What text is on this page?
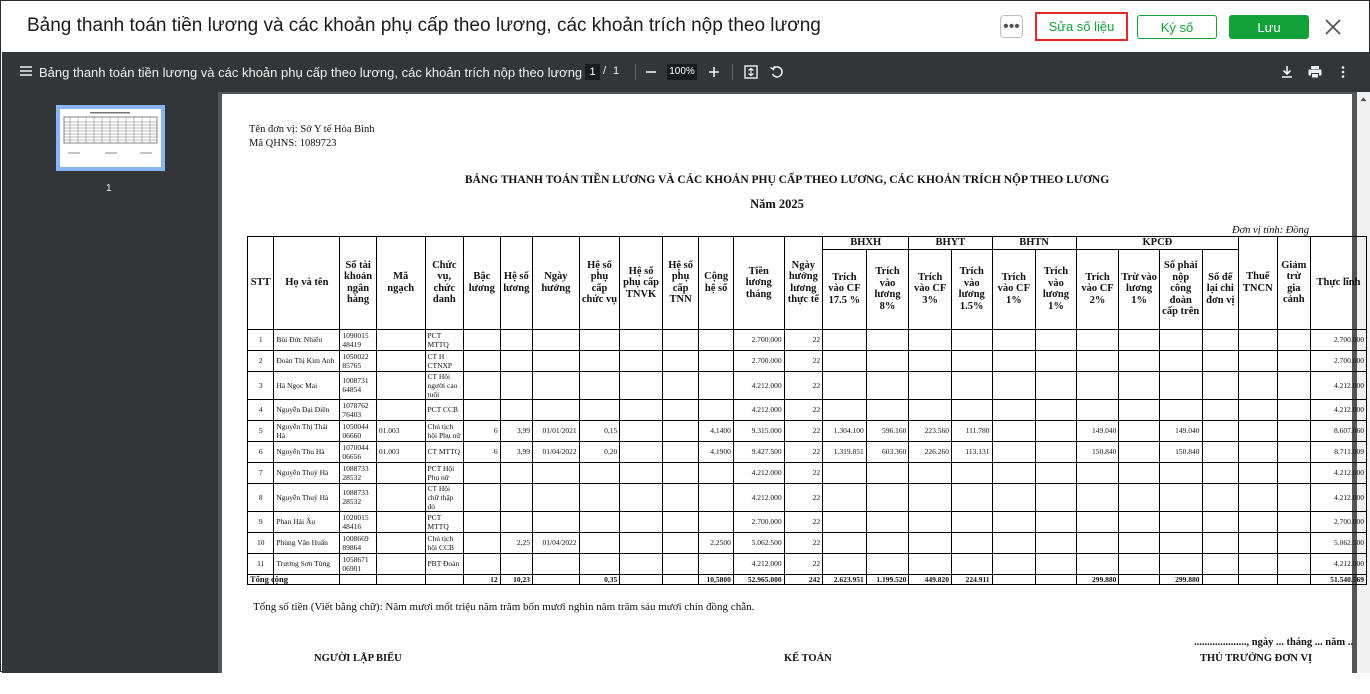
Bảng thanh toán tiền lương và các khoản phụ cấp theo lương, các khoản trích nộp theo lương	•••	Sửa số liệu	Ký số	Lưu
Bảng thanh toán tiền lương và các khoản phụ cấp theo lương, các khoản trích nộp theo lương 1 / 1	100%
1
Tên đơn vị: Sở Y tế Hòa Bình
Mã QHNS: 1089723
BẢNG THANH TOÁN TIỀN LƯƠNG VÀ CÁC KHOẢN PHỤ CẤP THEO LƯƠNG, CÁC KHOẢN TRÍCH NỘP THEO LƯƠNG
Năm 2025
Đơn vị tính: Đồng
STT	Họ và tên	Số tài khoản ngân hàng	Mã ngạch	Chức vụ, chức danh	Bậc lương	Hệ số lương	Ngày hưởng	Hệ số phụ cấp chức vụ	Hệ số phụ cấp TNVK	Hệ số phụ cấp TNN	Cộng hệ số	Tiền lương tháng	Ngày hưởng lương thực tế	BHXH		BHYT		BHTN		KPCĐ				Thuế TNCN	Giảm trừ gia cảnh	Thực lĩnh
														Trích vào CF 17.5 %	Trích vào lương 8%	Trích vào CF 3%	Trích vào lương 1.5%	Trích vào CF 1%	Trích vào lương 1%	Trích vào CF 2%	Trừ vào lương 1%	Số phải nộp công đoàn cấp trên	Số để lại chi đơn vị			
1	Bùi Đức Nhiêu	1090015 48419		PCT MTTQ								2.700.000	22													2.700.000
2	Đoàn Thị Kim Anh	1050022 85765		CT H CTNXP								2.700.000	22													2.700.000
3	Hà Ngọc Mai	1008731 64854		CT Hội người cao tuổi								4.212.000	22													4.212.000
4	Nguyễn Đại Điền	1078762 76403		PCT CCB								4.212.000	22													4.212.000
5	Nguyễn Thị Thái Hà	1050044 06660	01.003	Chủ tịch hội Phụ nữ	6	3,99	01/01/2021	0,15			4,1400	9.315.000	22	1.304.100	596.160	223.560	111.780			149.040		149.040				8.607.060
6	Nguyễn Thu Hà	1070044 06656	01.003	CT MTTQ	6	3,99	01/04/2022	0,20			4,1900	9.427.500	22	1.319.851	603.360	226.260	113.131			150.840		150.840				8.711.009
7	Nguyễn Thuý Hà	1088733 28532		PCT Hội Phụ nữ								4.212.000	22													4.212.000
8	Nguyễn Thuý Hà	1088733 28532		CT Hội chữ thập đỏ								4.212.000	22													4.212.000
9	Phan Hải Âu	1020015 48416		PCT MTTQ								2.700.000	22													2.700.000
10	Phùng Văn Huấn	1008669 89864		Chủ tịch hội CCB		2,25	01/04/2022				2,2500	5.062.500	22													5.062.500
11	Trương Sơn Tùng	1058671 06901		PBT Đoàn								4.212.000	22													4.212.000
Tổng cộng					12	10,23		0,35			10,5800	52.965.000	242	2.623.951	1.199.520	449.820	224.911			299.880		299.880				51.540.569
Tổng số tiền (Viết bằng chữ): Năm mươi mốt triệu năm trăm bốn mươi nghìn năm trăm sáu mươi chín đồng chẵn.
...................., ngày ... tháng ... năm ..
NGƯỜI LẬP BIỂU	KẾ TOÁN	THỦ TRƯỞNG ĐƠN VỊ
